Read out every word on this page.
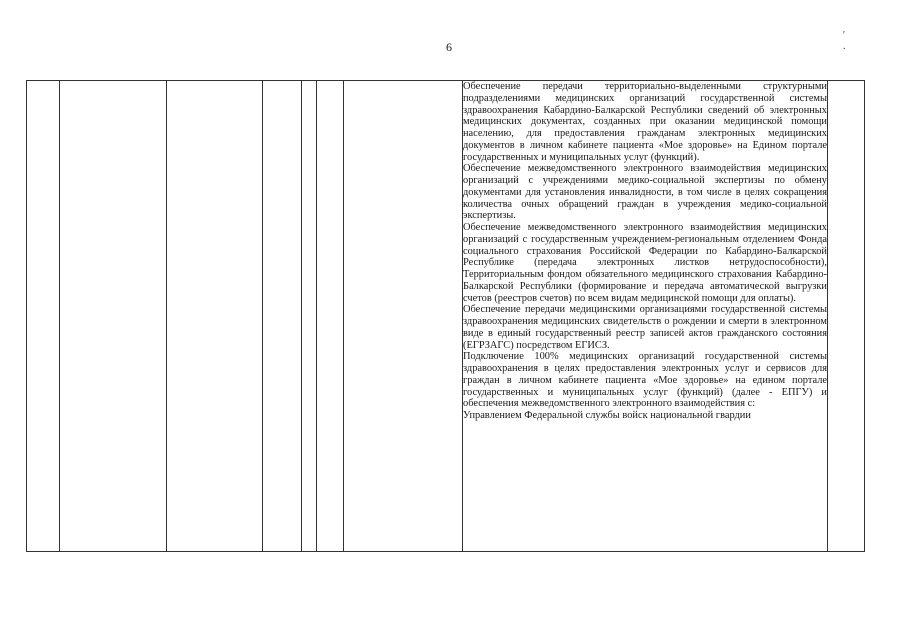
6
' .

Обеспечение передачи территориально-выделенными структурными подразделениями медицинских организаций государственной системы здравоохранения Кабардино-Балкарской Республики сведений об электронных медицинских документах, созданных при оказании медицинской помощи населению, для предоставления гражданам электронных медицинских документов в личном кабинете пациента «Мое здоровье» на Едином портале государственных и муниципальных услуг (функций).

Обеспечение межведомственного электронного взаимодействия медицинских организаций с учреждениями медико-социальной экспертизы по обмену документами для установления инвалидности, в том числе в целях сокращения количества очных обращений граждан в учреждения медико-социальной экспертизы.

Обеспечение межведомственного электронного взаимодействия медицинских организаций с государственным учреждением-региональным отделением Фонда социального страхования Российской Федерации по Кабардино-Балкарской Республике (передача электронных листков нетрудоспособности), Территориальным фондом обязательного медицинского страхования Кабардино-Балкарской Республики (формирование и передача автоматической выгрузки счетов (реестров счетов) по всем видам медицинской помощи для оплаты).

Обеспечение передачи медицинскими организациями государственной системы здравоохранения медицинских свидетельств о рождении и смерти в электронном виде в единый государственный реестр записей актов гражданского состояния (ЕГРЗАГС) посредством ЕГИСЗ.

Подключение 100% медицинских организаций государственной системы здравоохранения в целях предоставления электронных услуг и сервисов для граждан в личном кабинете пациента «Мое здоровье» на едином портале государственных и муниципальных услуг (функций) (далее - ЕПГУ) и обеспечения межведомственного электронного взаимодействия с:

Управлением Федеральной службы войск национальной гвардии
